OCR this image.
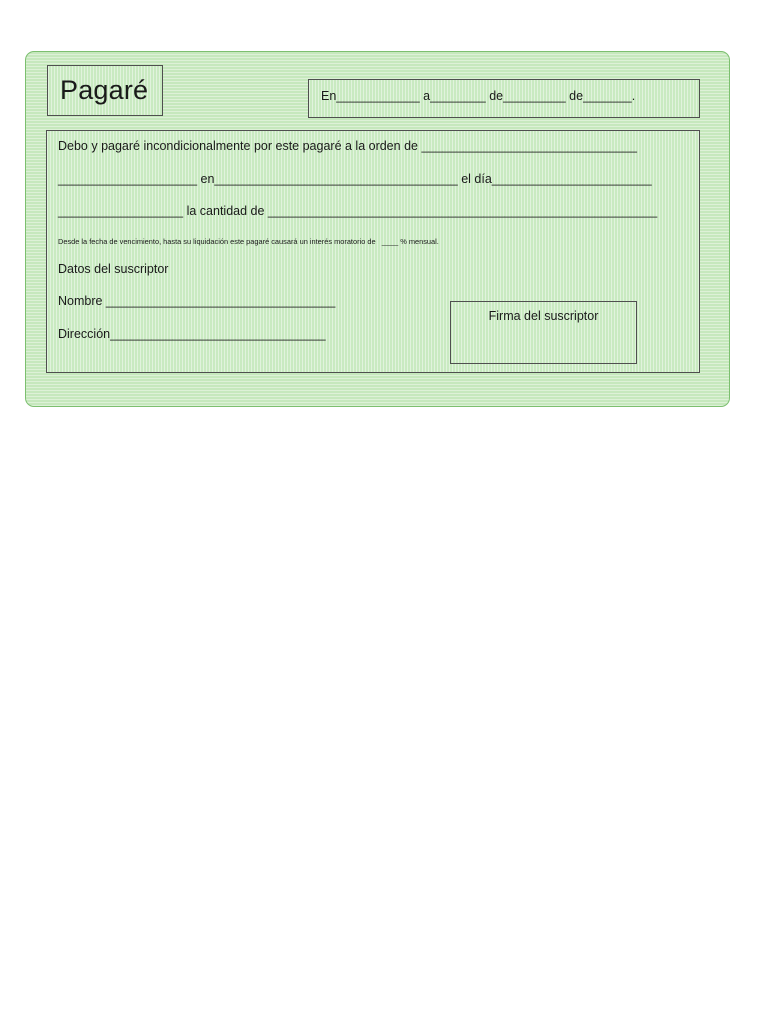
Pagaré	En____________ a________ de_________ de_______.
Debo y pagaré incondicionalmente por este pagaré a la orden de _______________________________
____________________ en___________________________________ el día_______________________
__________________ la cantidad de ________________________________________________________
Desde la fecha de vencimiento, hasta su liquidación este pagaré causará un interés moratorio de   ____ % mensual.
Datos del suscriptor
Nombre _________________________________
Dirección_______________________________
Firma del suscriptor
